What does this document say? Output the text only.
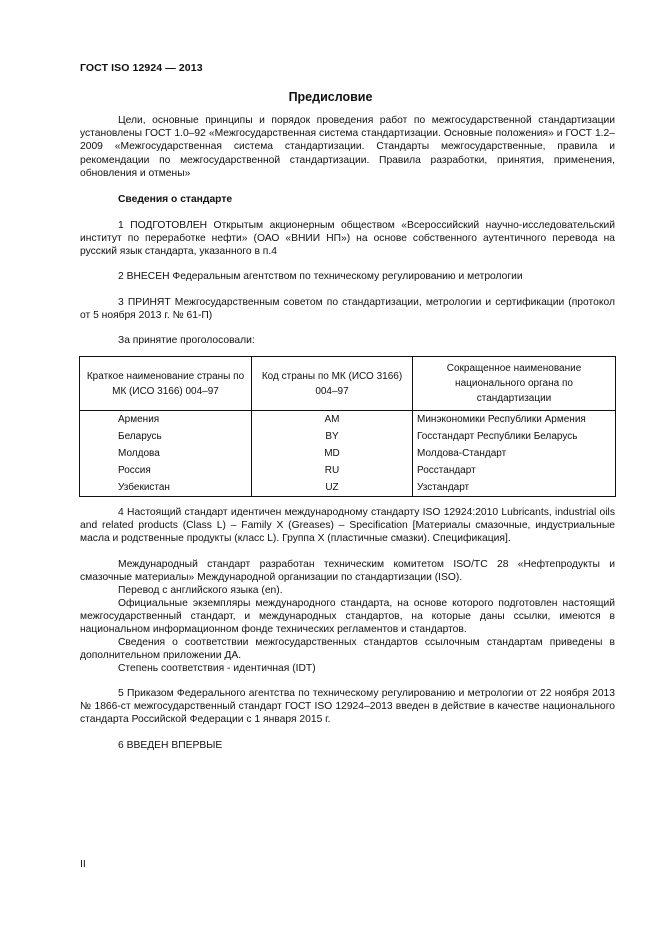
ГОСТ ISO 12924 — 2013
Предисловие
Цели, основные принципы и порядок проведения работ по межгосударственной стандартизации установлены ГОСТ 1.0–92 «Межгосударственная система стандартизации. Основные положения» и ГОСТ 1.2–2009 «Межгосударственная система стандартизации. Стандарты межгосударственные, правила и рекомендации по межгосударственной стандартизации. Правила разработки, принятия, применения, обновления и отмены»
Сведения о стандарте
1 ПОДГОТОВЛЕН Открытым акционерным обществом «Всероссийский научно-исследовательский институт по переработке нефти» (ОАО «ВНИИ НП») на основе собственного аутентичного перевода на русский язык стандарта, указанного в п.4
2 ВНЕСЕН Федеральным агентством по техническому регулированию и метрологии
3 ПРИНЯТ Межгосударственным советом по стандартизации, метрологии и сертификации (протокол от 5 ноября 2013 г. № 61-П)
За принятие проголосовали:
Краткое наименование страны по МК (ИСО 3166) 004–97	Код страны по МК (ИСО 3166) 004–97	Сокращенное наименование национального органа по стандартизации
Армения	AM	Минэкономики Республики Армения
Беларусь	BY	Госстандарт Республики Беларусь
Молдова	MD	Молдова-Стандарт
Россия	RU	Росстандарт
Узбекистан	UZ	Узстандарт
4 Настоящий стандарт идентичен международному стандарту ISO 12924:2010 Lubricants, industrial oils and related products (Class L) – Family X (Greases) – Specification [Материалы смазочные, индустриальные масла и родственные продукты (класс L). Группа X (пластичные смазки). Спецификация].
Международный стандарт разработан техническим комитетом ISO/TC 28 «Нефтепродукты и смазочные материалы» Международной организации по стандартизации (ISO).
Перевод с английского языка (en).
Официальные экземпляры международного стандарта, на основе которого подготовлен настоящий межгосударственный стандарт, и международных стандартов, на которые даны ссылки, имеются в национальном информационном фонде технических регламентов и стандартов.
Сведения о соответствии межгосударственных стандартов ссылочным стандартам приведены в дополнительном приложении ДА.
Степень соответствия - идентичная (IDT)
5 Приказом Федерального агентства по техническому регулированию и метрологии от 22 ноября 2013 № 1866-ст межгосударственный стандарт ГОСТ ISO 12924–2013 введен в действие в качестве национального стандарта Российской Федерации с 1 января 2015 г.
6 ВВЕДЕН ВПЕРВЫЕ
II
